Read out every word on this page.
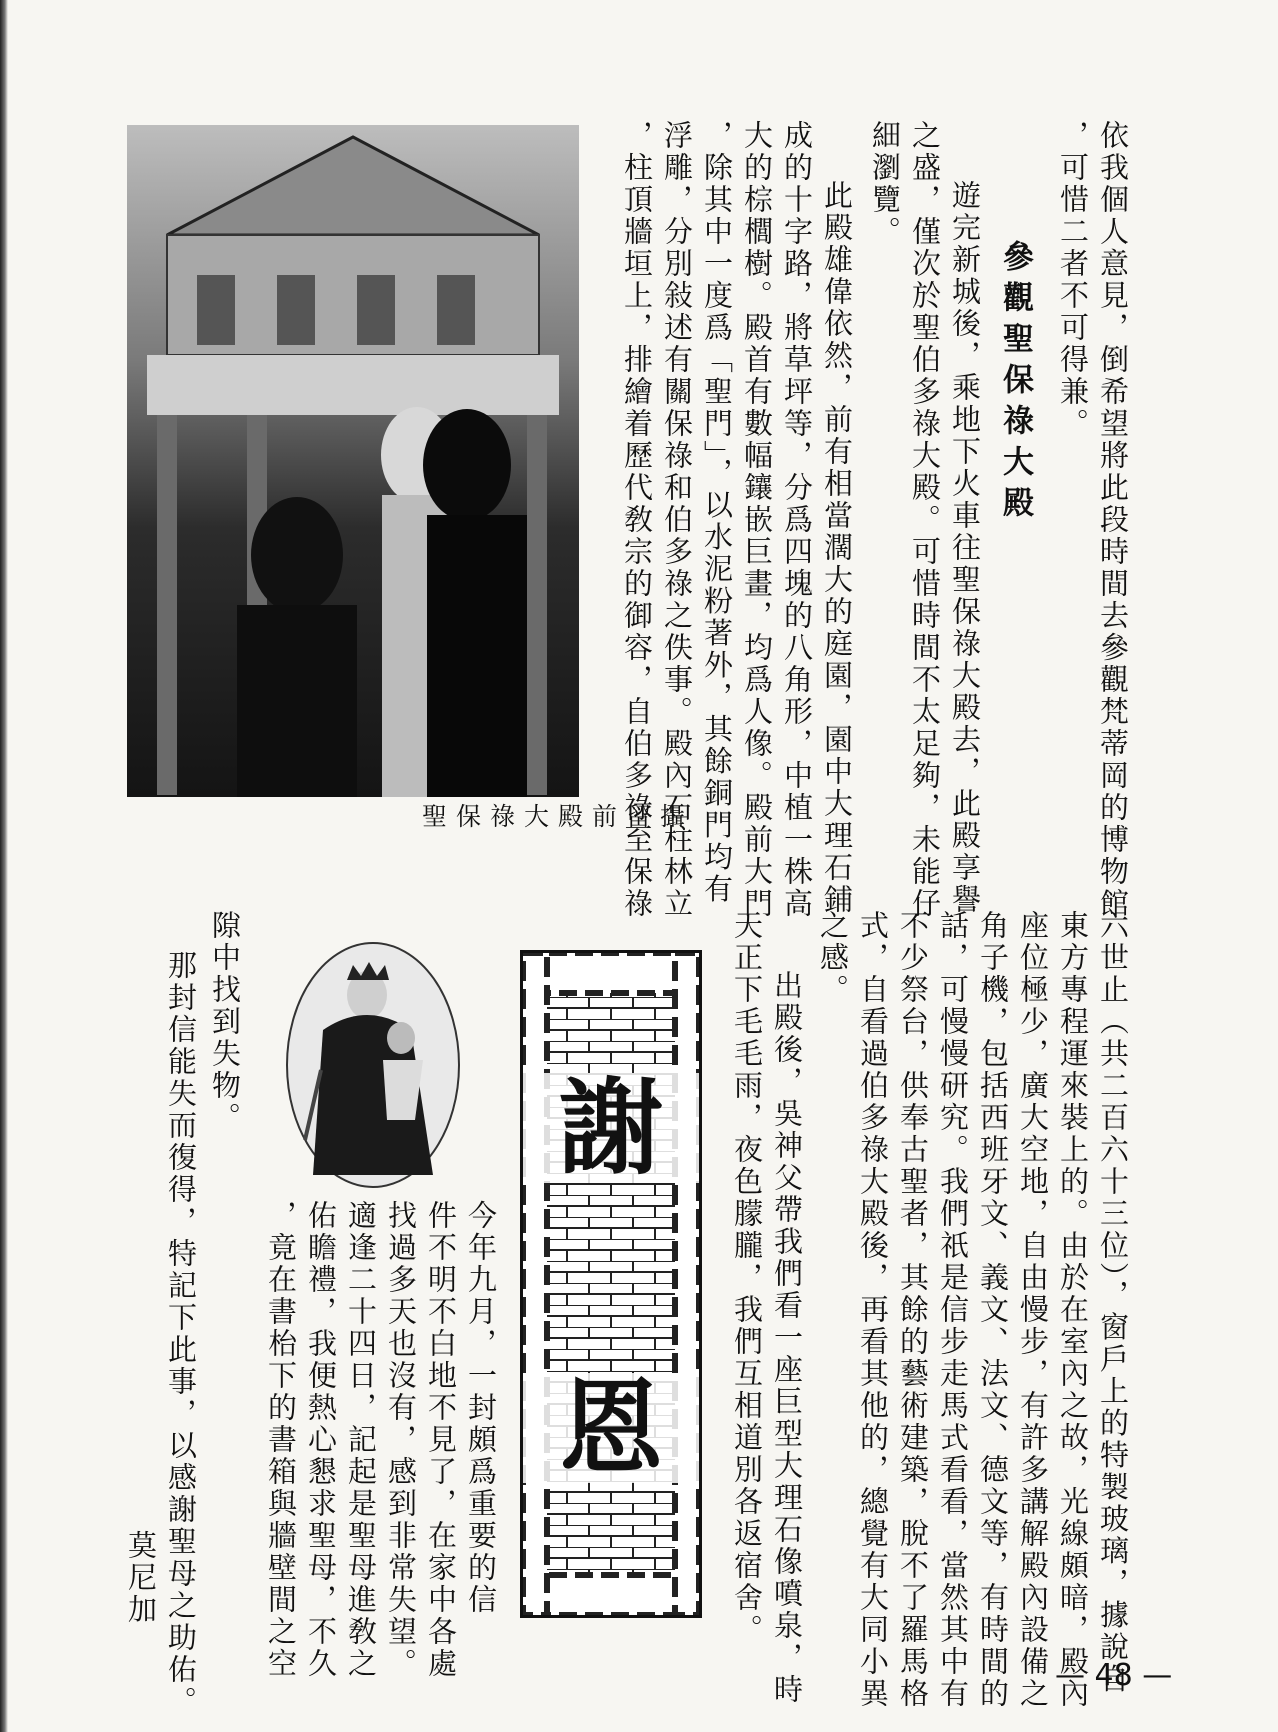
依我個人意見，倒希望將此段時間去參觀梵蒂岡的博物館
，可惜二者不可得兼。
參觀聖保祿大殿
遊完新城後，乘地下火車往聖保祿大殿去，此殿享譽
之盛，僅次於聖伯多祿大殿。可惜時間不太足夠，未能仔
細瀏覽。
此殿雄偉依然，前有相當濶大的庭園，園中大理石鋪
成的十字路，將草坪等，分爲四塊的八角形，中植一株高
大的棕櫚樹。殿首有數幅鑲嵌巨畫，均爲人像。殿前大門
，除其中一度爲「聖門」，以水泥粉著外，其餘銅門均有
浮雕，分別敍述有關保祿和伯多祿之佚事。殿內石柱林立
，柱頂牆垣上，排繪着歷代敎宗的御容，自伯多祿至保祿
聖保祿大殿前留攝
六世止（共二百六十三位），窗戶上的特製玻璃，據說自
東方專程運來裝上的。由於在室內之故，光線頗暗，殿內
座位極少，廣大空地，自由慢步，有許多講解殿內設備之
角子機，包括西班牙文、義文、法文、德文等，有時間的
話，可慢慢研究。我們祇是信步走馬式看看，當然其中有
不少祭台，供奉古聖者，其餘的藝術建築，脫不了羅馬格
式，自看過伯多祿大殿後，再看其他的，總覺有大同小異
之感。
出殿後，吳神父帶我們看一座巨型大理石像噴泉，時
天正下毛毛雨，夜色朦朧，我們互相道別各返宿舍。
謝
恩
今年九月，一封頗爲重要的信
件不明不白地不見了，在家中各處
找過多天也沒有，感到非常失望。
適逢二十四日，記起是聖母進敎之
佑瞻禮，我便熱心懇求聖母，不久
，竟在書枱下的書箱與牆壁間之空
隙中找到失物。
那封信能失而復得，特記下此事，以感謝聖母之助佑。
莫尼加
— 48 —
